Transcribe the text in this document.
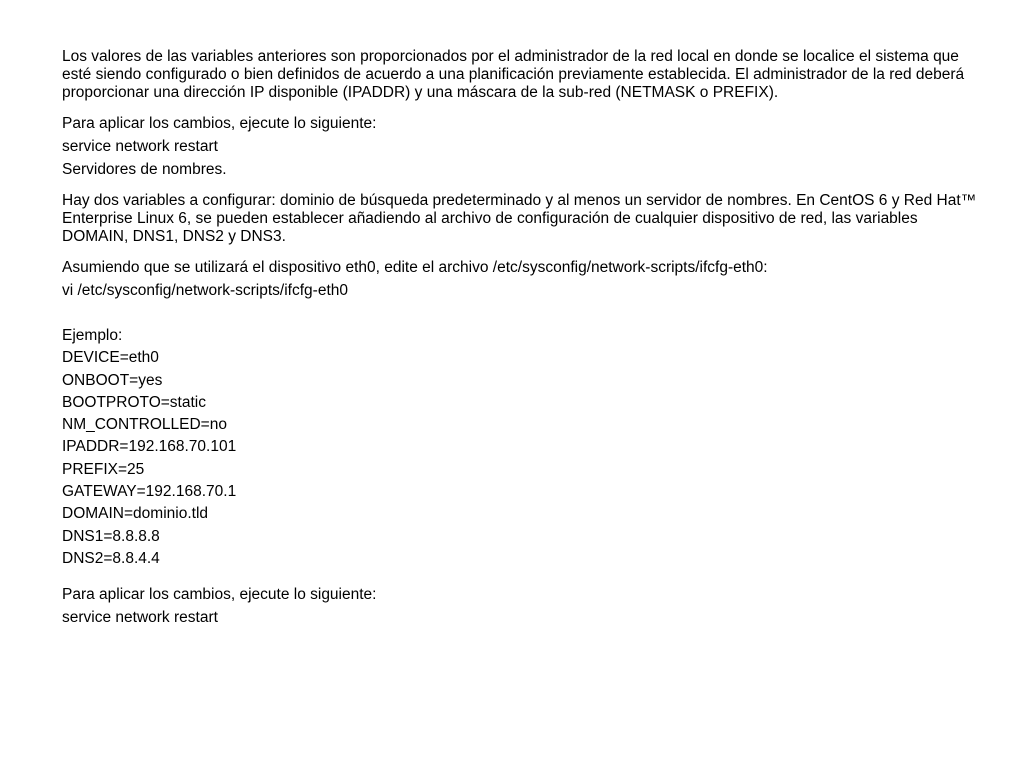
Los valores de las variables anteriores son proporcionados por el administrador de la red local en donde se localice el sistema que esté siendo configurado o bien definidos de acuerdo a una planificación previamente establecida. El administrador de la red deberá proporcionar una dirección IP disponible (IPADDR) y una máscara de la sub-red (NETMASK o PREFIX).

Para aplicar los cambios, ejecute lo siguiente:

service network restart

Servidores de nombres.

Hay dos variables a configurar: dominio de búsqueda predeterminado y al menos un servidor de nombres. En CentOS 6 y Red Hat™ Enterprise Linux 6, se pueden establecer añadiendo al archivo de configuración de cualquier dispositivo de red, las variables DOMAIN, DNS1, DNS2 y DNS3.

Asumiendo que se utilizará el dispositivo eth0, edite el archivo /etc/sysconfig/network-scripts/ifcfg-eth0:

vi /etc/sysconfig/network-scripts/ifcfg-eth0

Ejemplo:

DEVICE=eth0
ONBOOT=yes
BOOTPROTO=static
NM_CONTROLLED=no
IPADDR=192.168.70.101
PREFIX=25
GATEWAY=192.168.70.1
DOMAIN=dominio.tld
DNS1=8.8.8.8
DNS2=8.8.4.4

Para aplicar los cambios, ejecute lo siguiente:

service network restart
